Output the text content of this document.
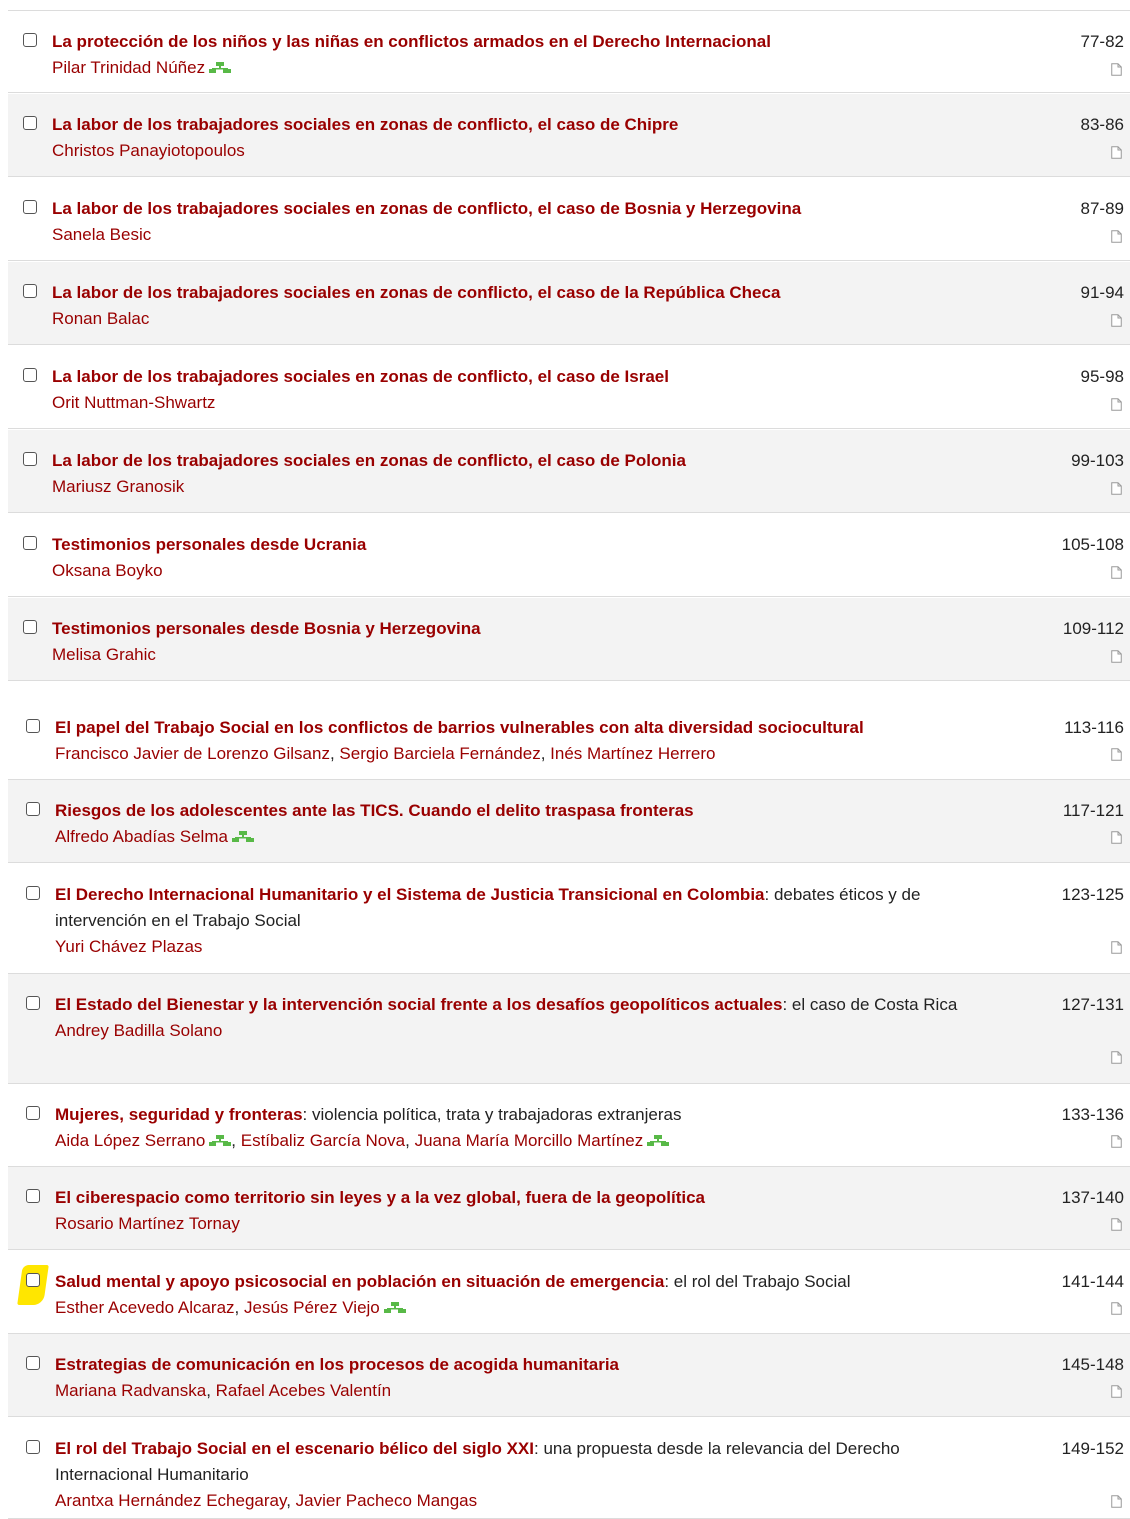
La protección de los niños y las niñas en conflictos armados en el Derecho Internacional
Pilar Trinidad Núñez
77-82
La labor de los trabajadores sociales en zonas de conflicto, el caso de Chipre
Christos Panayiotopoulos
83-86
La labor de los trabajadores sociales en zonas de conflicto, el caso de Bosnia y Herzegovina
Sanela Besic
87-89
La labor de los trabajadores sociales en zonas de conflicto, el caso de la República Checa
Ronan Balac
91-94
La labor de los trabajadores sociales en zonas de conflicto, el caso de Israel
Orit Nuttman-Shwartz
95-98
La labor de los trabajadores sociales en zonas de conflicto, el caso de Polonia
Mariusz Granosik
99-103
Testimonios personales desde Ucrania
Oksana Boyko
105-108
Testimonios personales desde Bosnia y Herzegovina
Melisa Grahic
109-112
El papel del Trabajo Social en los conflictos de barrios vulnerables con alta diversidad sociocultural
Francisco Javier de Lorenzo Gilsanz, Sergio Barciela Fernández, Inés Martínez Herrero
113-116
Riesgos de los adolescentes ante las TICS. Cuando el delito traspasa fronteras
Alfredo Abadías Selma
117-121
El Derecho Internacional Humanitario y el Sistema de Justicia Transicional en Colombia: debates éticos y de intervención en el Trabajo Social
Yuri Chávez Plazas
123-125
El Estado del Bienestar y la intervención social frente a los desafíos geopolíticos actuales: el caso de Costa Rica
Andrey Badilla Solano
127-131
Mujeres, seguridad y fronteras: violencia política, trata y trabajadoras extranjeras
Aida López Serrano , Estíbaliz García Nova, Juana María Morcillo Martínez
133-136
El ciberespacio como territorio sin leyes y a la vez global, fuera de la geopolítica
Rosario Martínez Tornay
137-140
Salud mental y apoyo psicosocial en población en situación de emergencia: el rol del Trabajo Social
Esther Acevedo Alcaraz, Jesús Pérez Viejo
141-144
Estrategias de comunicación en los procesos de acogida humanitaria
Mariana Radvanska, Rafael Acebes Valentín
145-148
El rol del Trabajo Social en el escenario bélico del siglo XXI: una propuesta desde la relevancia del Derecho Internacional Humanitario
Arantxa Hernández Echegaray, Javier Pacheco Mangas
149-152
